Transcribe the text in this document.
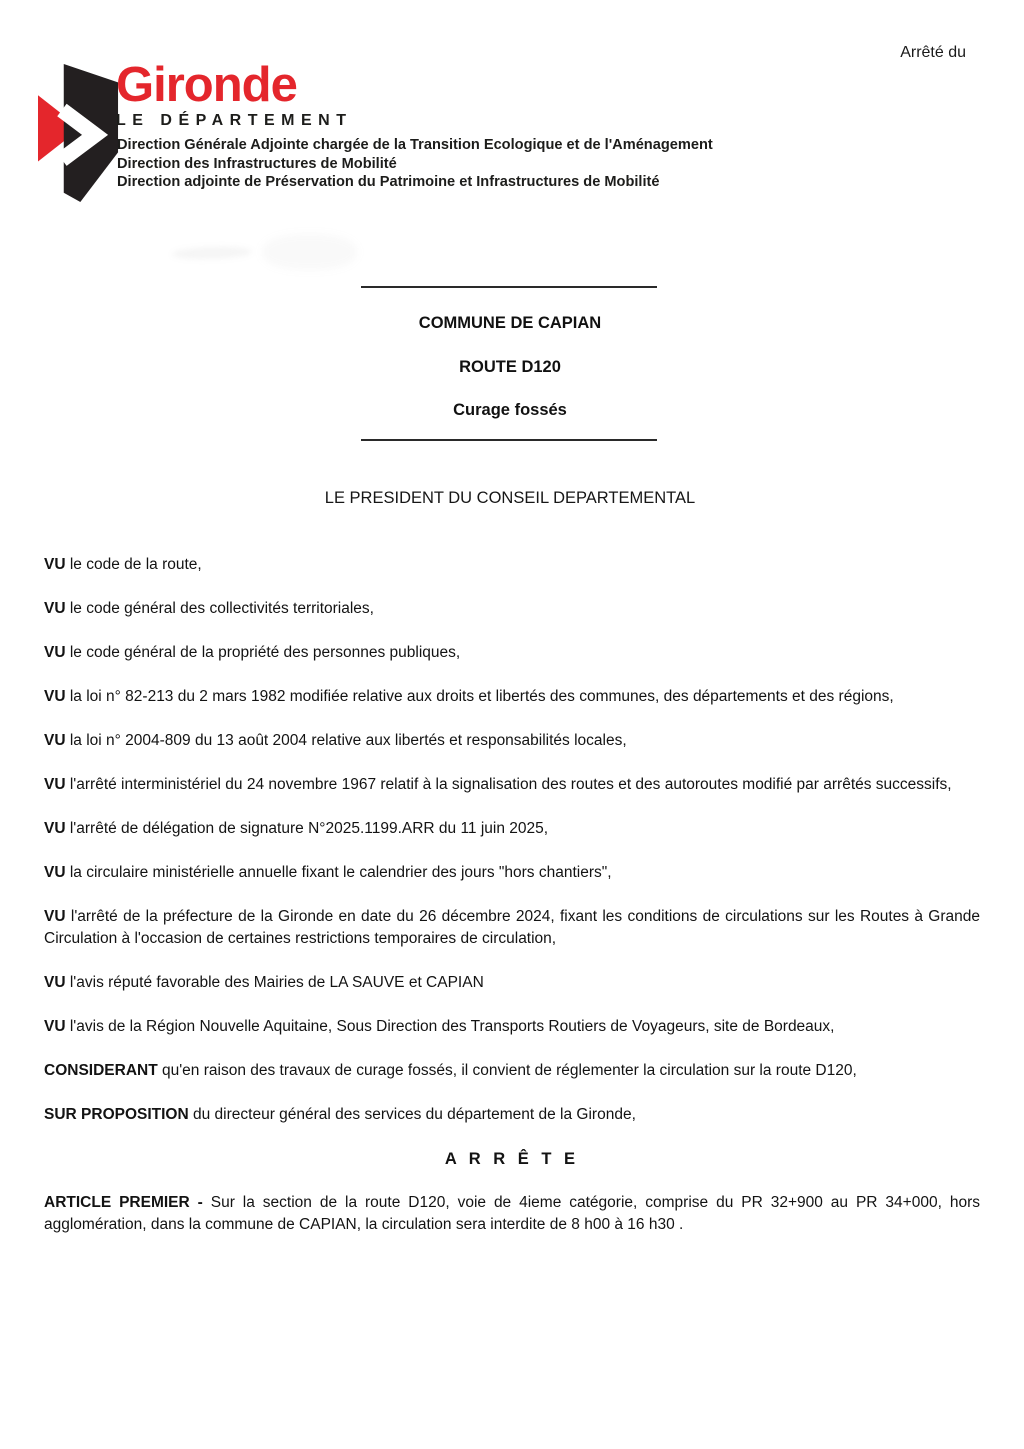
Arrêté du
Gironde
LE DÉPARTEMENT
Direction Générale Adjointe chargée de la Transition Ecologique et de l'Aménagement
Direction des Infrastructures de Mobilité
Direction adjointe de Préservation du Patrimoine et Infrastructures de Mobilité
COMMUNE DE CAPIAN
ROUTE D120
Curage fossés
LE PRESIDENT DU CONSEIL DEPARTEMENTAL

VU le code de la route,

VU le code général des collectivités territoriales,

VU le code général de la propriété des personnes publiques,

VU la loi n° 82-213 du 2 mars 1982 modifiée relative aux droits et libertés des communes, des départements et des régions,

VU la loi n° 2004-809 du 13 août 2004 relative aux libertés et responsabilités locales,

VU l'arrêté interministériel du 24 novembre 1967 relatif à la signalisation des routes et des autoroutes modifié par arrêtés successifs,

VU l'arrêté de délégation de signature N°2025.1199.ARR du 11 juin 2025,

VU la circulaire ministérielle annuelle fixant le calendrier des jours "hors chantiers",

VU l'arrêté de la préfecture de la Gironde en date du 26 décembre 2024, fixant les conditions de circulations sur les Routes à Grande Circulation à l'occasion de certaines restrictions temporaires de circulation,

VU l'avis réputé favorable des Mairies de LA SAUVE et CAPIAN

VU l'avis de la Région Nouvelle Aquitaine, Sous Direction des Transports Routiers de Voyageurs, site de Bordeaux,

CONSIDERANT qu'en raison des travaux de curage fossés, il convient de réglementer la circulation sur la route D120,

SUR PROPOSITION du directeur général des services du département de la Gironde,

A R R Ê T E

ARTICLE PREMIER - Sur la section de la route D120, voie de 4ieme catégorie, comprise du PR 32+900 au PR 34+000, hors agglomération, dans la commune de CAPIAN, la circulation sera interdite de 8 h00 à 16 h30 .
